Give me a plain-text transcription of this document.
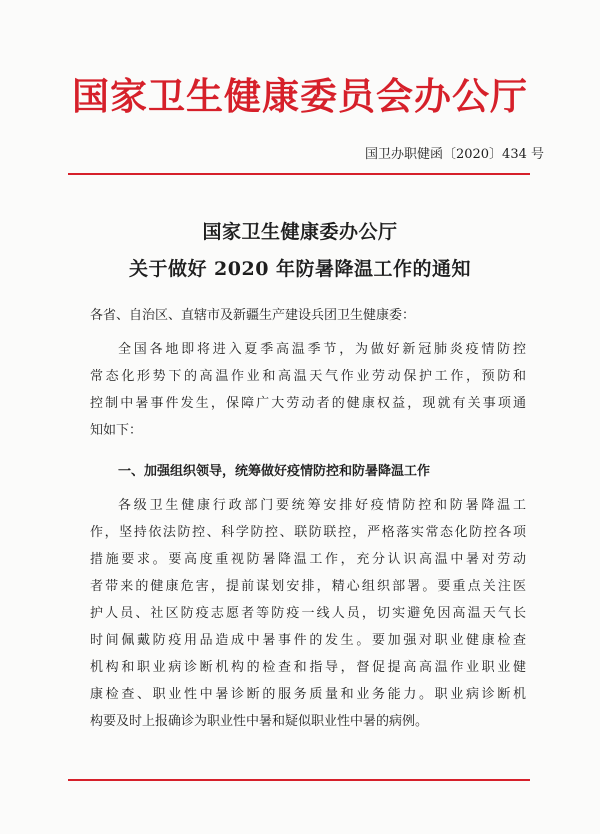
国家卫生健康委员会办公厅
国卫办职健函〔2020〕434 号
国家卫生健康委办公厅
关于做好 2020 年防暑降温工作的通知
各省、自治区、直辖市及新疆生产建设兵团卫生健康委：
全国各地即将进入夏季高温季节，为做好新冠肺炎疫情防控
常态化形势下的高温作业和高温天气作业劳动保护工作，预防和
控制中暑事件发生，保障广大劳动者的健康权益，现就有关事项通
知如下：
一、加强组织领导，统筹做好疫情防控和防暑降温工作
各级卫生健康行政部门要统筹安排好疫情防控和防暑降温工
作，坚持依法防控、科学防控、联防联控，严格落实常态化防控各项
措施要求。要高度重视防暑降温工作，充分认识高温中暑对劳动
者带来的健康危害，提前谋划安排，精心组织部署。要重点关注医
护人员、社区防疫志愿者等防疫一线人员，切实避免因高温天气长
时间佩戴防疫用品造成中暑事件的发生。要加强对职业健康检查
机构和职业病诊断机构的检查和指导，督促提高高温作业职业健
康检查、职业性中暑诊断的服务质量和业务能力。职业病诊断机
构要及时上报确诊为职业性中暑和疑似职业性中暑的病例。
